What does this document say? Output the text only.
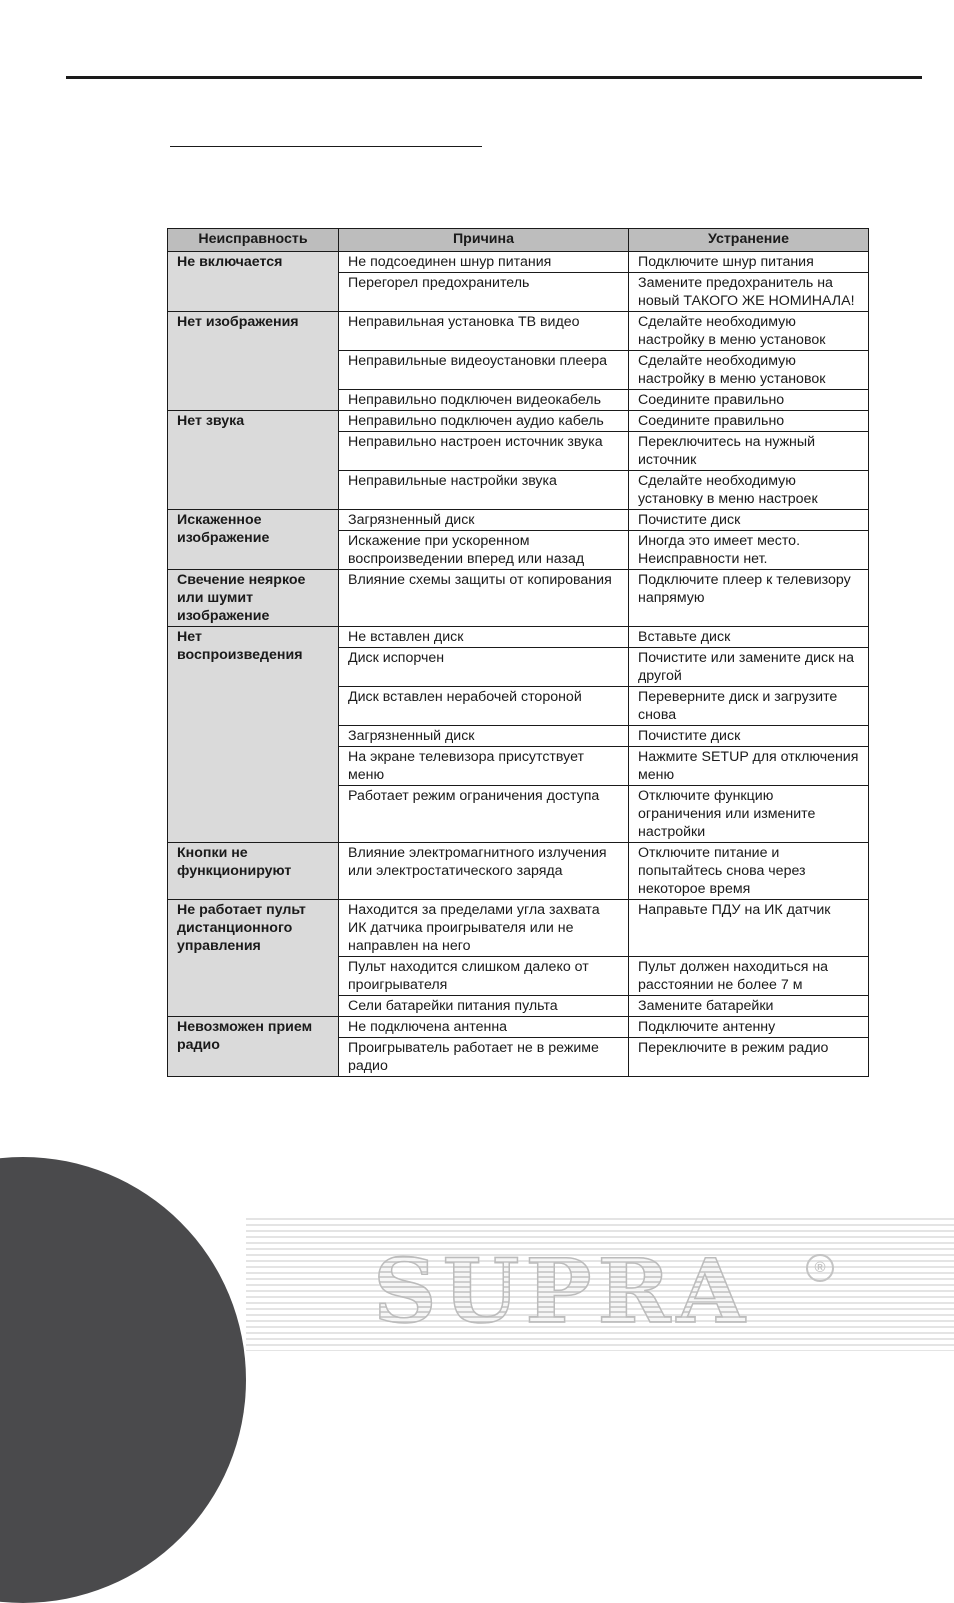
Неисправность	Причина	Устранение
Не включается	Не подсоединен шнур питания	Подключите шнур питания
	Перегорел предохранитель	Замените предохранитель на новый ТАКОГО ЖЕ НОМИНАЛА!
Нет изображения	Неправильная установка ТВ видео	Сделайте необходимую настройку в меню установок
	Неправильные видеоустановки плеера	Сделайте необходимую настройку в меню установок
	Неправильно подключен видеокабель	Соедините правильно
Нет звука	Неправильно подключен аудио кабель	Соедините правильно
	Неправильно настроен источник звука	Переключитесь на нужный источник
	Неправильные настройки звука	Сделайте необходимую установку в меню настроек
Искаженное изображение	Загрязненный диск	Почистите диск
	Искажение при ускоренном воспроизведении вперед или назад	Иногда это имеет место. Неисправности нет.
Свечение неяркое или шумит изображение	Влияние схемы защиты от копирования	Подключите плеер к телевизору напрямую
Нет воспроизведения	Не вставлен диск	Вставьте диск
	Диск испорчен	Почистите или замените диск на другой
	Диск вставлен нерабочей стороной	Переверните диск и загрузите снова
	Загрязненный диск	Почистите диск
	На экране телевизора присутствует меню	Нажмите SETUP для отключения меню
	Работает режим ограничения доступа	Отключите функцию ограничения или измените настройки
Кнопки не функционируют	Влияние электромагнитного излучения или электростатического заряда	Отключите питание и попытайтесь снова через некоторое время
Не работает пульт дистанционного управления	Находится за пределами угла захвата ИК датчика проигрывателя или не направлен на него	Направьте ПДУ на ИК датчик
	Пульт находится слишком далеко от проигрывателя	Пульт должен находиться на расстоянии не более 7 м
	Сели батарейки питания пульта	Замените батарейки
Невозможен прием радио	Не подключена антенна	Подключите антенну
	Проигрыватель работает не в режиме радио	Переключите в режим радио
SUPRA	®
